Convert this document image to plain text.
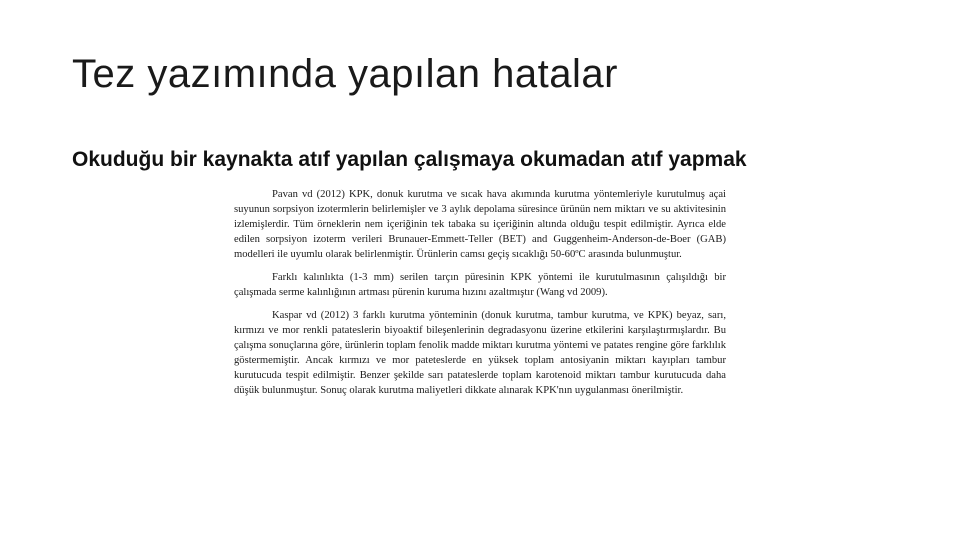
Tez yazımında yapılan hatalar
Okuduğu bir kaynakta atıf yapılan çalışmaya okumadan atıf yapmak

Pavan vd (2012) KPK, donuk kurutma ve sıcak hava akımında kurutma yöntemleriyle kurutulmuş açai suyunun sorpsiyon izotermlerin belirlemişler ve 3 aylık depolama süresince ürünün nem miktarı ve su aktivitesinin izlemişlerdir. Tüm örneklerin nem içeriğinin tek tabaka su içeriğinin altında olduğu tespit edilmiştir. Ayrıca elde edilen sorpsiyon izoterm verileri Brunauer-Emmett-Teller (BET) and Guggenheim-Anderson-de-Boer (GAB) modelleri ile uyumlu olarak belirlenmiştir. Ürünlerin camsı geçiş sıcaklığı 50-60ºC arasında bulunmuştur.

Farklı kalınlıkta (1-3 mm) serilen tarçın püresinin KPK yöntemi ile kurutulmasının çalışıldığı bir çalışmada serme kalınlığının artması pürenin kuruma hızını azaltmıştır (Wang vd 2009).

Kaspar vd (2012) 3 farklı kurutma yönteminin (donuk kurutma, tambur kurutma, ve KPK) beyaz, sarı, kırmızı ve mor renkli patateslerin biyoaktif bileşenlerinin degradasyonu üzerine etkilerini karşılaştırmışlardır. Bu çalışma sonuçlarına göre, ürünlerin toplam fenolik madde miktarı kurutma yöntemi ve patates rengine göre farklılık göstermemiştir. Ancak kırmızı ve mor pateteslerde en yüksek toplam antosiyanin miktarı kayıpları tambur kurutucuda tespit edilmiştir. Benzer şekilde sarı patateslerde toplam karotenoid miktarı tambur kurutucuda daha düşük bulunmuştur. Sonuç olarak kurutma maliyetleri dikkate alınarak KPK'nın uygulanması önerilmiştir.
